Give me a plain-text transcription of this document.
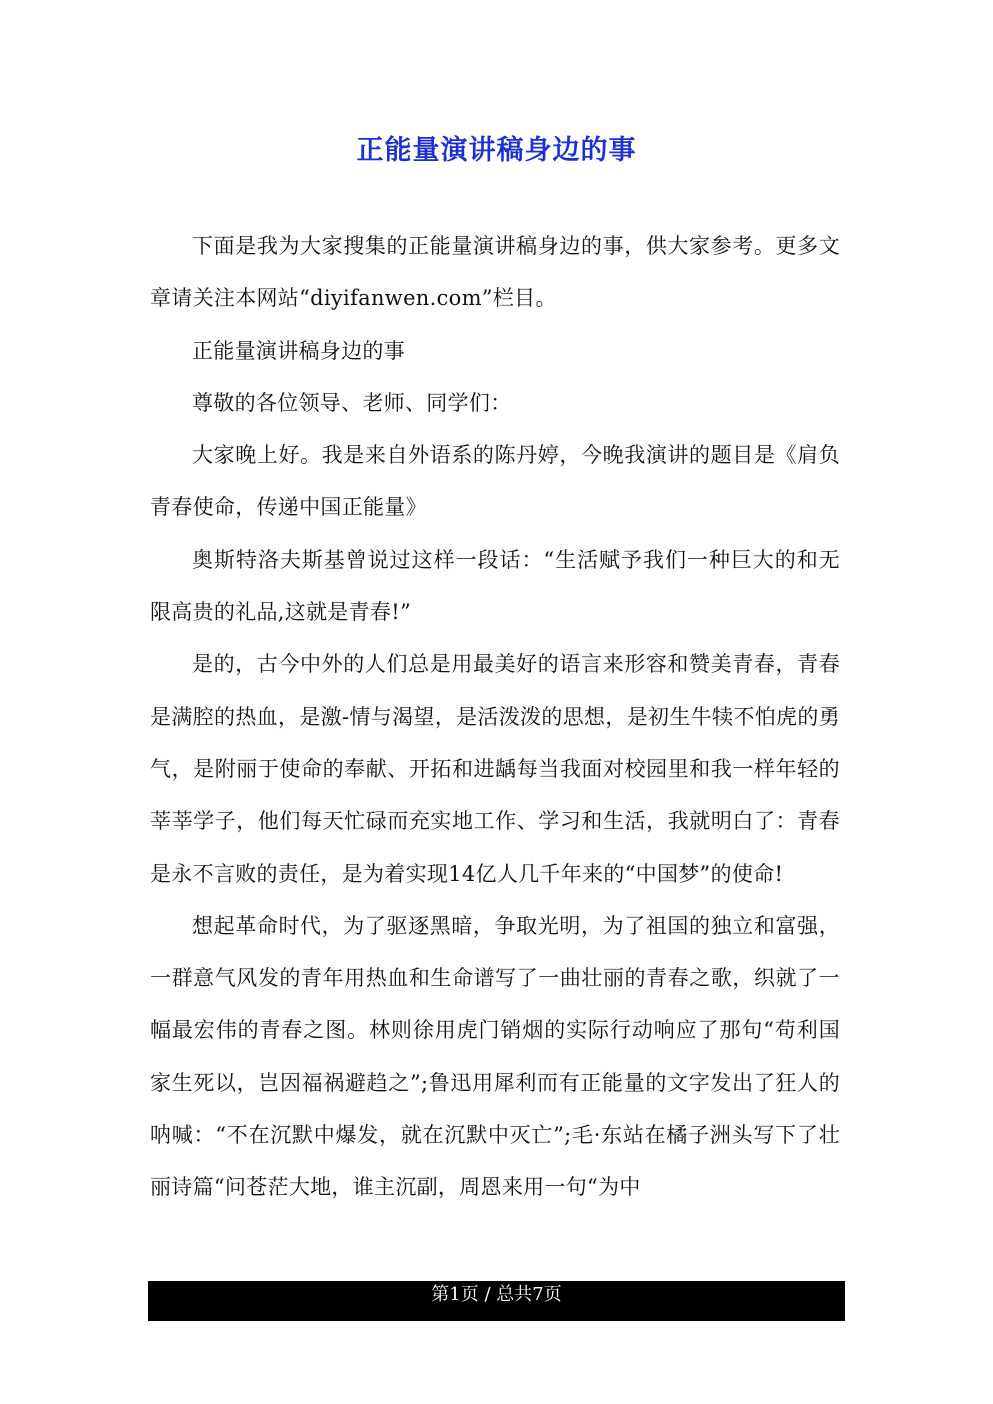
正能量演讲稿身边的事

下面是我为大家搜集的正能量演讲稿身边的事，供大家参考。更多文章请关注本网站“diyifanwen.com”栏目。

正能量演讲稿身边的事

尊敬的各位领导、老师、同学们：

大家晚上好。我是来自外语系的陈丹婷，今晚我演讲的题目是《肩负青春使命，传递中国正能量》

奥斯特洛夫斯基曾说过这样一段话：“生活赋予我们一种巨大的和无限高贵的礼品,这就是青春!”

是的，古今中外的人们总是用最美好的语言来形容和赞美青春，青春是满腔的热血，是激-情与渴望，是活泼泼的思想，是初生牛犊不怕虎的勇气，是附丽于使命的奉献、开拓和进龋每当我面对校园里和我一样年轻的莘莘学子，他们每天忙碌而充实地工作、学习和生活，我就明白了：青春是永不言败的责任，是为着实现14亿人几千年来的“中国梦”的使命!

想起革命时代，为了驱逐黑暗，争取光明，为了祖国的独立和富强，一群意气风发的青年用热血和生命谱写了一曲壮丽的青春之歌，织就了一幅最宏伟的青春之图。林则徐用虎门销烟的实际行动响应了那句“苟利国家生死以，岂因福祸避趋之”;鲁迅用犀利而有正能量的文字发出了狂人的呐喊：“不在沉默中爆发，就在沉默中灭亡”;毛·东站在橘子洲头写下了壮丽诗篇“问苍茫大地，谁主沉副，周恩来用一句“为中

第1页 / 总共7页
